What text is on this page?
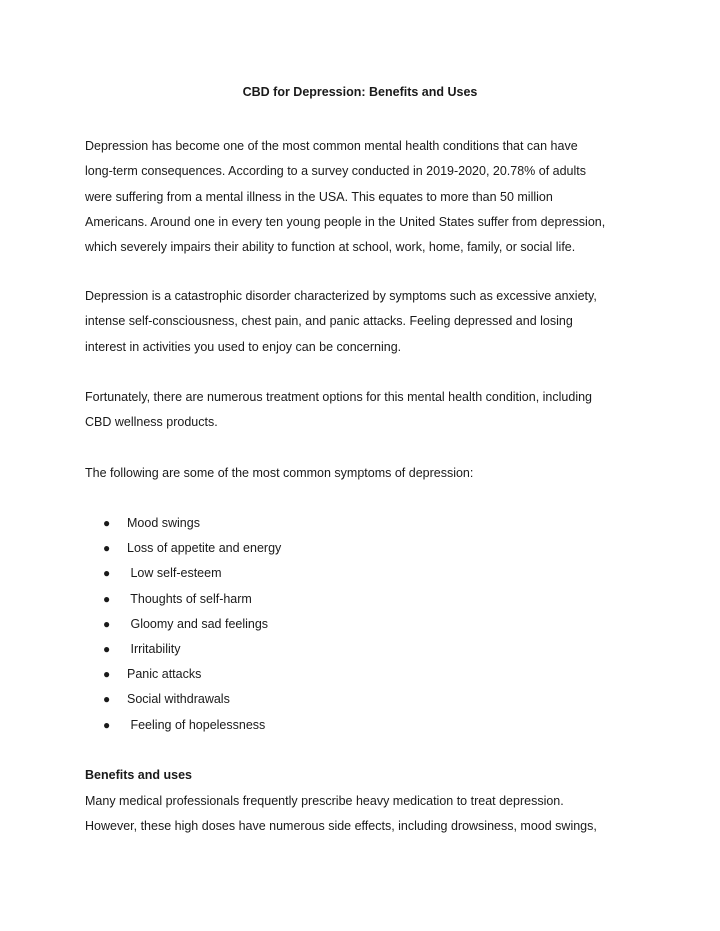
CBD for Depression: Benefits and Uses
Depression has become one of the most common mental health conditions that can have
long-term consequences. According to a survey conducted in 2019-2020, 20.78% of adults
were suffering from a mental illness in the USA. This equates to more than 50 million
Americans. Around one in every ten young people in the United States suffer from depression,
which severely impairs their ability to function at school, work, home, family, or social life.
Depression is a catastrophic disorder characterized by symptoms such as excessive anxiety,
intense self-consciousness, chest pain, and panic attacks. Feeling depressed and losing
interest in activities you used to enjoy can be concerning.
Fortunately, there are numerous treatment options for this mental health condition, including
CBD wellness products.
The following are some of the most common symptoms of depression:
●	Mood swings
●	Loss of appetite and energy
●	Low self-esteem
●	Thoughts of self-harm
●	Gloomy and sad feelings
●	Irritability
●	Panic attacks
●	Social withdrawals
●	Feeling of hopelessness
Benefits and uses
Many medical professionals frequently prescribe heavy medication to treat depression.
However, these high doses have numerous side effects, including drowsiness, mood swings,
